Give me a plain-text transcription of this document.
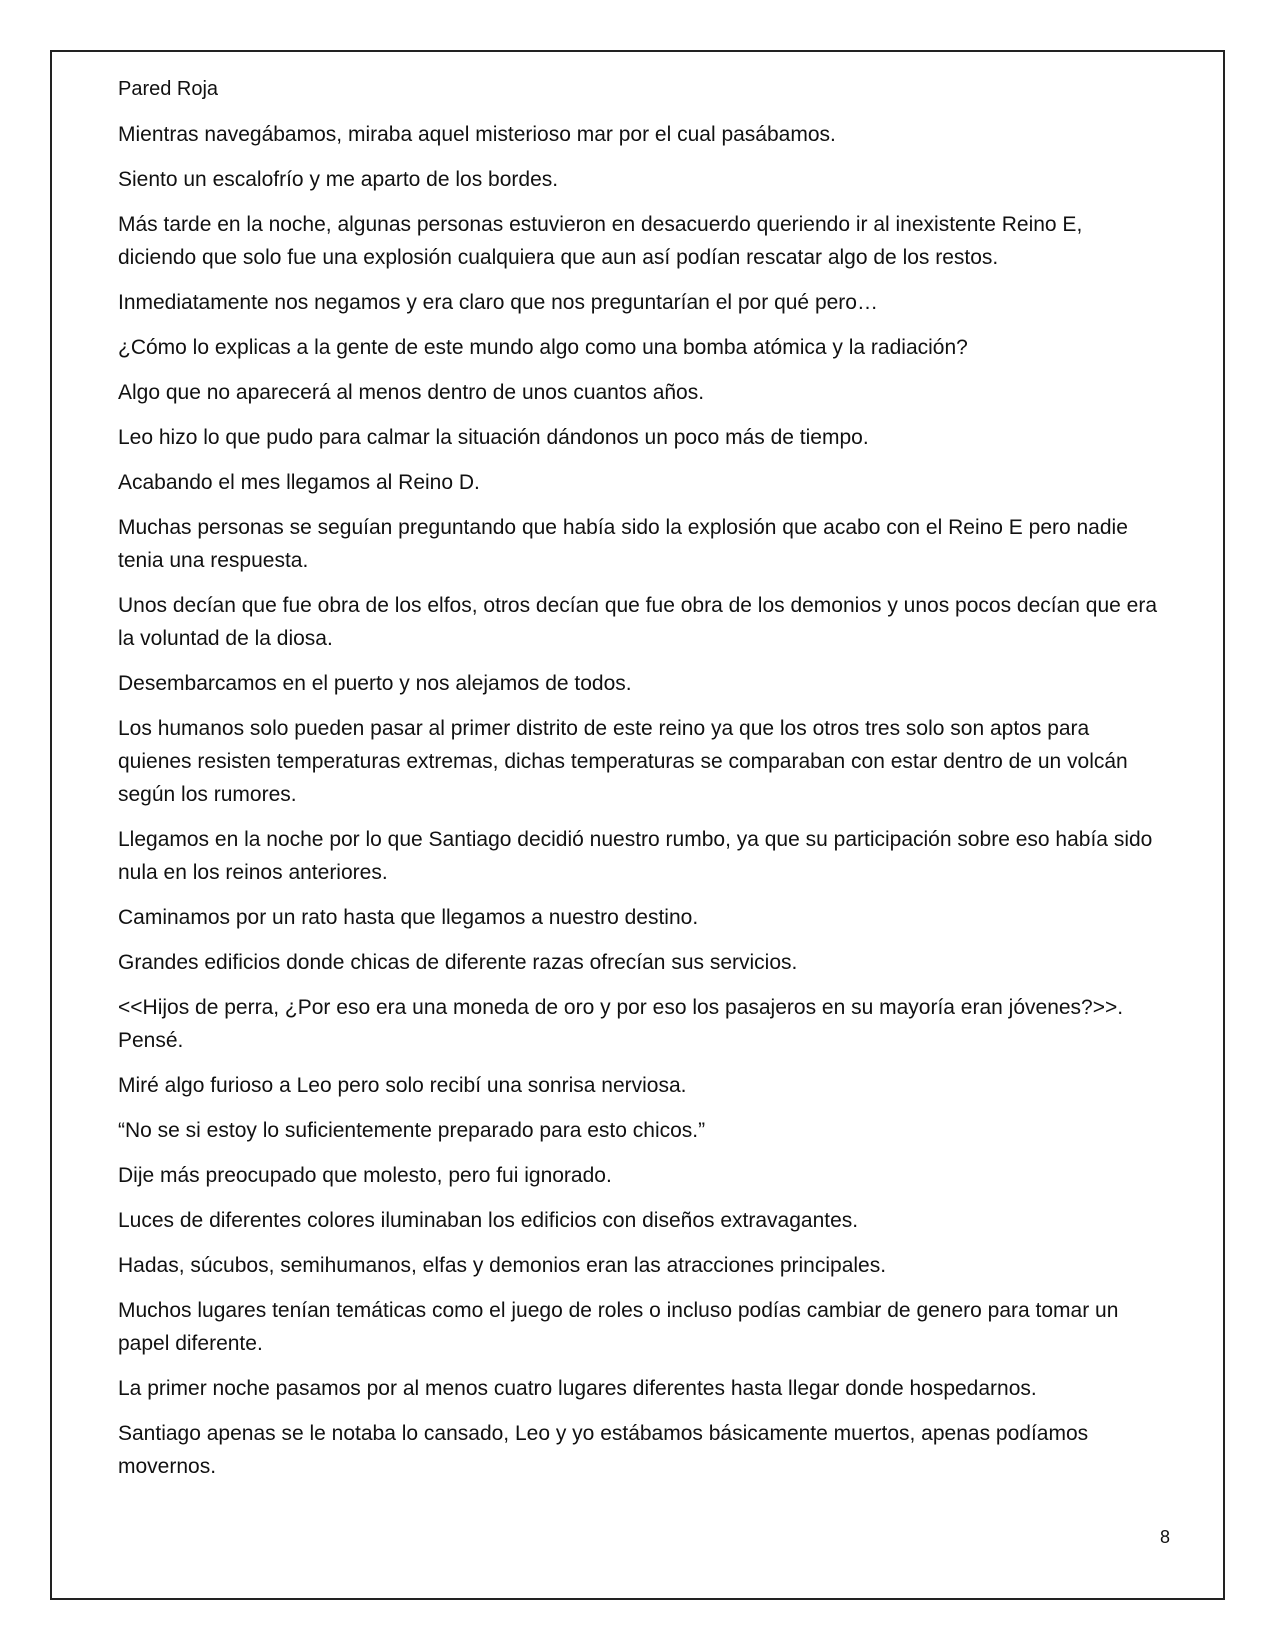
Pared Roja

Mientras navegábamos, miraba aquel misterioso mar por el cual pasábamos.

Siento un escalofrío y me aparto de los bordes.

Más tarde en la noche, algunas personas estuvieron en desacuerdo queriendo ir al inexistente Reino E, diciendo que solo fue una explosión cualquiera que aun así podían rescatar algo de los restos.

Inmediatamente nos negamos y era claro que nos preguntarían el por qué pero…

¿Cómo lo explicas a la gente de este mundo algo como una bomba atómica y la radiación?

Algo que no aparecerá al menos dentro de unos cuantos años.

Leo hizo lo que pudo para calmar la situación dándonos un poco más de tiempo.

Acabando el mes llegamos al Reino D.

Muchas personas se seguían preguntando que había sido la explosión que acabo con el Reino E pero nadie tenia una respuesta.

Unos decían que fue obra de los elfos, otros decían que fue obra de los demonios y unos pocos decían que era la voluntad de la diosa.

Desembarcamos en el puerto y nos alejamos de todos.

Los humanos solo pueden pasar al primer distrito de este reino ya que los otros tres solo son aptos para quienes resisten temperaturas extremas, dichas temperaturas se comparaban con estar dentro de un volcán según los rumores.

Llegamos en la noche por lo que Santiago decidió nuestro rumbo, ya que su participación sobre eso había sido nula en los reinos anteriores.

Caminamos por un rato hasta que llegamos a nuestro destino.

Grandes edificios donde chicas de diferente razas ofrecían sus servicios.

<<Hijos de perra, ¿Por eso era una moneda de oro y por eso los pasajeros en su mayoría eran jóvenes?>>. Pensé.

Miré algo furioso a Leo pero solo recibí una sonrisa nerviosa.

“No se si estoy lo suficientemente preparado para esto chicos.”

Dije más preocupado que molesto, pero fui ignorado.

Luces de diferentes colores iluminaban los edificios con diseños extravagantes.

Hadas, súcubos, semihumanos, elfas y demonios eran las atracciones principales.

Muchos lugares tenían temáticas como el juego de roles o incluso podías cambiar de genero para tomar un papel diferente.

La primer noche pasamos por al menos cuatro lugares diferentes hasta llegar donde hospedarnos.

Santiago apenas se le notaba lo cansado, Leo y yo estábamos básicamente muertos, apenas podíamos movernos.

8
